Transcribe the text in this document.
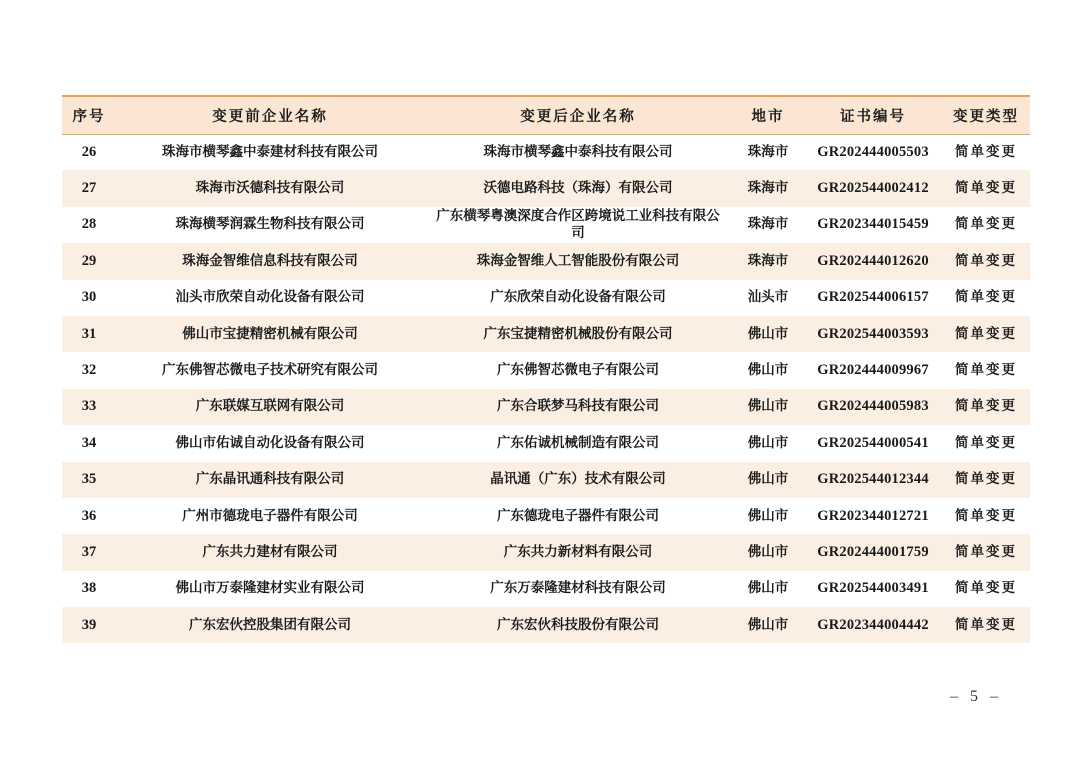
序号	变更前企业名称	变更后企业名称	地市	证书编号	变更类型
26	珠海市横琴鑫中泰建材科技有限公司	珠海市横琴鑫中泰科技有限公司	珠海市	GR202444005503	简单变更
27	珠海市沃德科技有限公司	沃德电路科技（珠海）有限公司	珠海市	GR202544002412	简单变更
28	珠海横琴润霖生物科技有限公司	广东横琴粤澳深度合作区跨境说工业科技有限公司	珠海市	GR202344015459	简单变更
29	珠海金智维信息科技有限公司	珠海金智维人工智能股份有限公司	珠海市	GR202444012620	简单变更
30	汕头市欣荣自动化设备有限公司	广东欣荣自动化设备有限公司	汕头市	GR202544006157	简单变更
31	佛山市宝捷精密机械有限公司	广东宝捷精密机械股份有限公司	佛山市	GR202544003593	简单变更
32	广东佛智芯微电子技术研究有限公司	广东佛智芯微电子有限公司	佛山市	GR202444009967	简单变更
33	广东联媒互联网有限公司	广东合联梦马科技有限公司	佛山市	GR202444005983	简单变更
34	佛山市佑诚自动化设备有限公司	广东佑诚机械制造有限公司	佛山市	GR202544000541	简单变更
35	广东晶讯通科技有限公司	晶讯通（广东）技术有限公司	佛山市	GR202544012344	简单变更
36	广州市德珑电子器件有限公司	广东德珑电子器件有限公司	佛山市	GR202344012721	简单变更
37	广东共力建材有限公司	广东共力新材料有限公司	佛山市	GR202444001759	简单变更
38	佛山市万泰隆建材实业有限公司	广东万泰隆建材科技有限公司	佛山市	GR202544003491	简单变更
39	广东宏伙控股集团有限公司	广东宏伙科技股份有限公司	佛山市	GR202344004442	简单变更
– 5 –
